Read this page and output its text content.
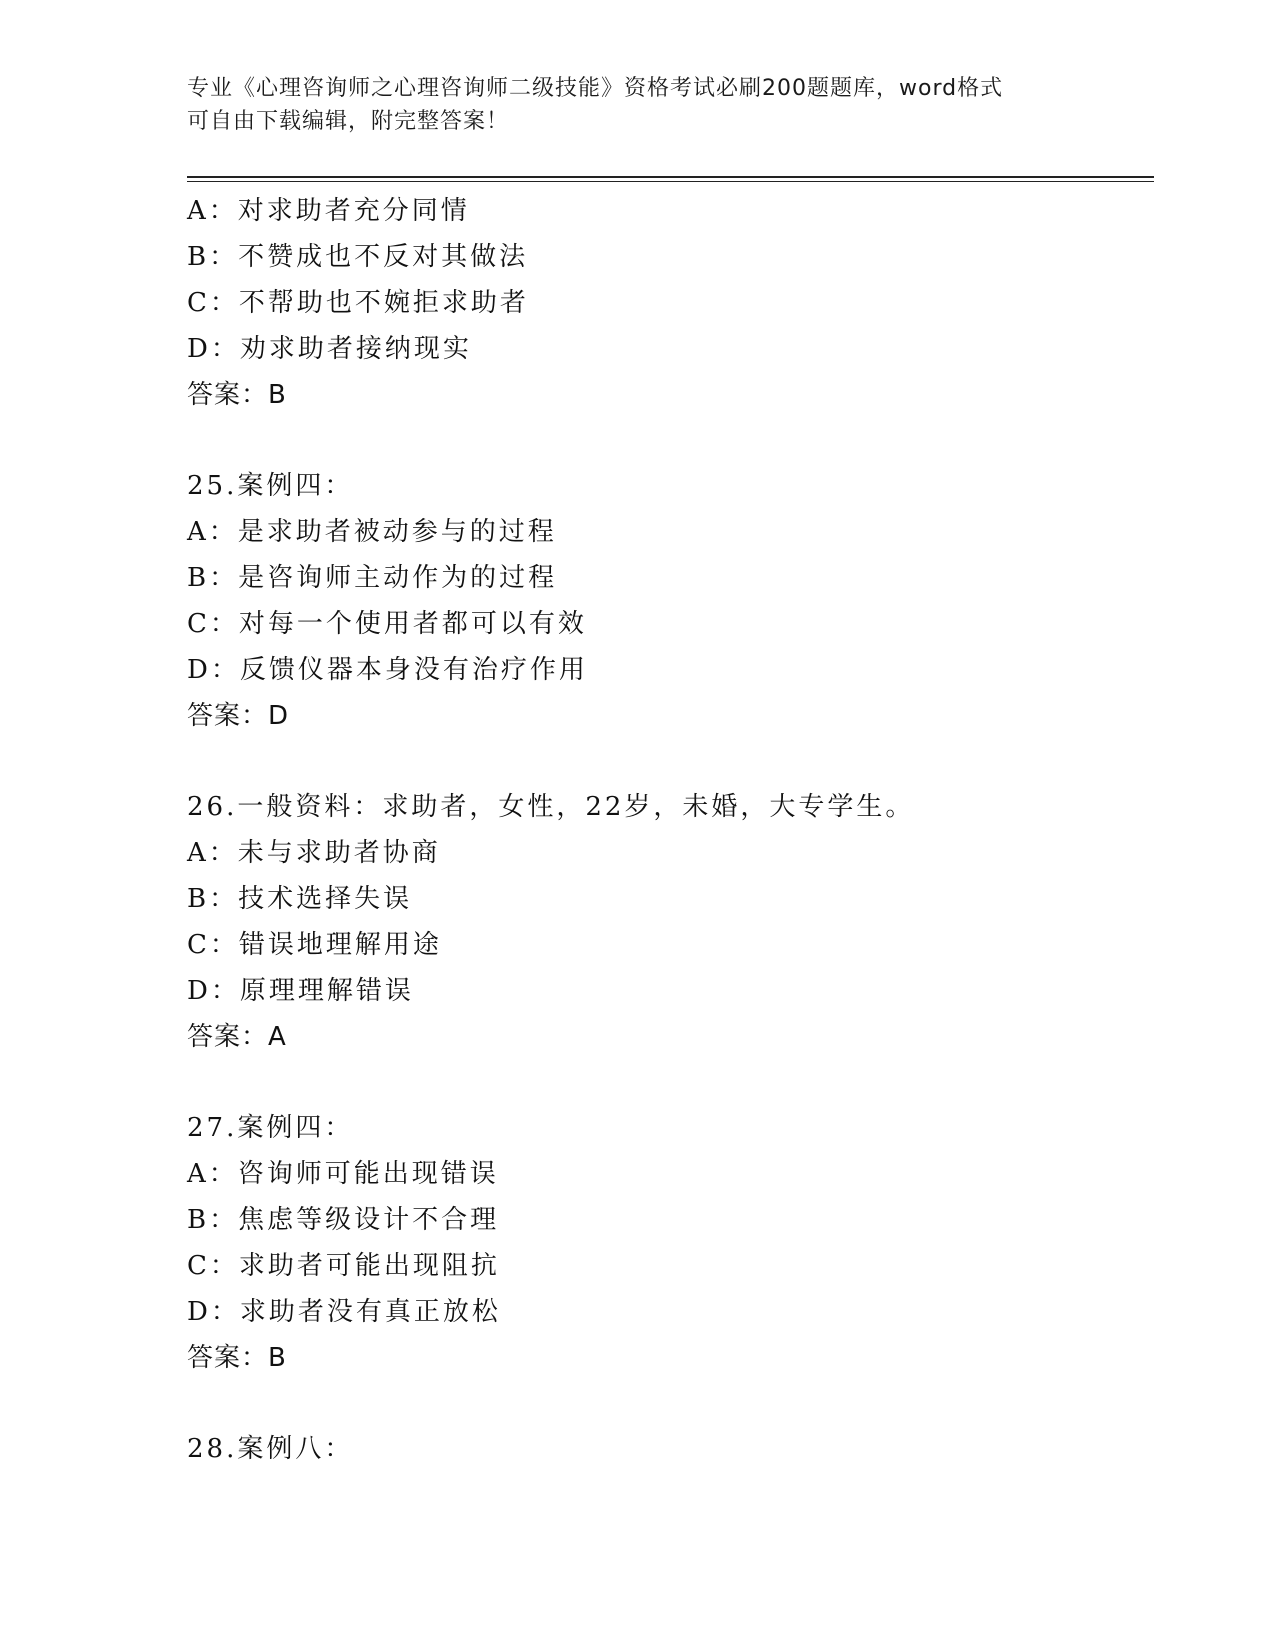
专业《心理咨询师之心理咨询师二级技能》资格考试必刷200题题库，word格式
可自由下载编辑，附完整答案！
A：对求助者充分同情
B：不赞成也不反对其做法
C：不帮助也不婉拒求助者
D：劝求助者接纳现实
答案：B
25.案例四：
A：是求助者被动参与的过程
B：是咨询师主动作为的过程
C：对每一个使用者都可以有效
D：反馈仪器本身没有治疗作用
答案：D
26.一般资料：求助者，女性，22岁，未婚，大专学生。
A：未与求助者协商
B：技术选择失误
C：错误地理解用途
D：原理理解错误
答案：A
27.案例四：
A：咨询师可能出现错误
B：焦虑等级设计不合理
C：求助者可能出现阻抗
D：求助者没有真正放松
答案：B
28.案例八：
